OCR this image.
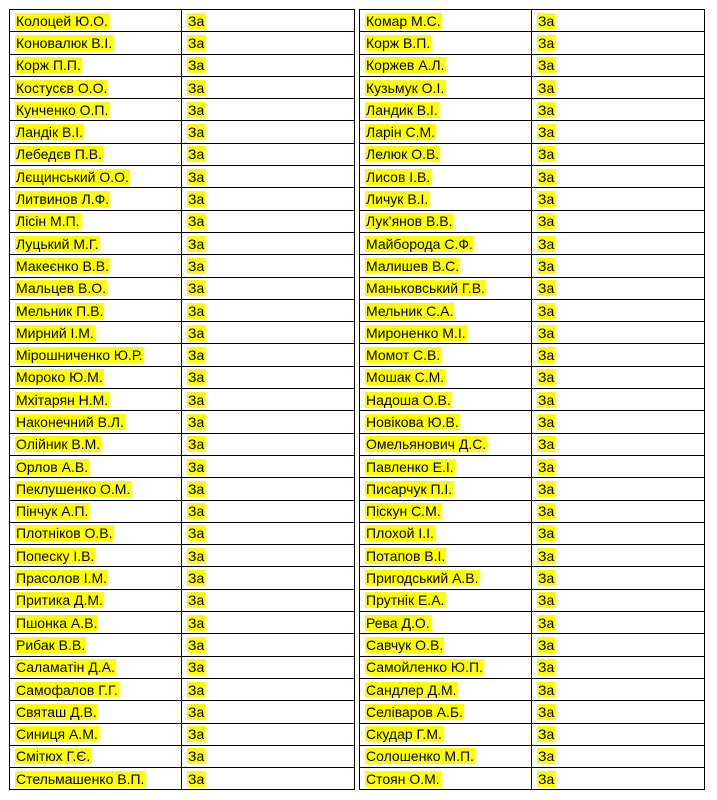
Колоцей Ю.О.	За
Коновалюк В.І.	За
Корж П.П.	За
Костусєв О.О.	За
Кунченко О.П.	За
Ландік В.І.	За
Лебедєв П.В.	За
Лєщинський О.О.	За
Литвинов Л.Ф.	За
Лісін М.П.	За
Луцький М.Г.	За
Макеєнко В.В.	За
Мальцев В.О.	За
Мельник П.В.	За
Мирний І.М.	За
Мірошниченко Ю.Р.	За
Мороко Ю.М.	За
Мхітарян Н.М.	За
Наконечний В.Л.	За
Олійник В.М.	За
Орлов А.В.	За
Пеклушенко О.М.	За
Пінчук А.П.	За
Плотніков О.В.	За
Попеску І.В.	За
Прасолов І.М.	За
Притика Д.М.	За
Пшонка А.В.	За
Рибак В.В.	За
Саламатін Д.А.	За
Самофалов Г.Г.	За
Святаш Д.В.	За
Синиця А.М.	За
Смітюх Г.Є.	За
Стельмашенко В.П.	За
Комар М.С.	За
Корж В.П.	За
Коржев А.Л.	За
Кузьмук О.І.	За
Ландик В.І.	За
Ларін С.М.	За
Лелюк О.В.	За
Лисов І.В.	За
Личук В.І.	За
Лук’янов В.В.	За
Майборода С.Ф.	За
Малишев В.С.	За
Маньковський Г.В.	За
Мельник С.А.	За
Мироненко М.І.	За
Момот С.В.	За
Мошак С.М.	За
Надоша О.В.	За
Новікова Ю.В.	За
Омельянович Д.С.	За
Павленко Е.І.	За
Писарчук П.І.	За
Піскун С.М.	За
Плохой І.І.	За
Потапов В.І.	За
Пригодський А.В.	За
Прутнік Е.А.	За
Рева Д.О.	За
Савчук О.В.	За
Самойленко Ю.П.	За
Сандлер Д.М.	За
Селіваров А.Б.	За
Скудар Г.М.	За
Солошенко М.П.	За
Стоян О.М.	За
